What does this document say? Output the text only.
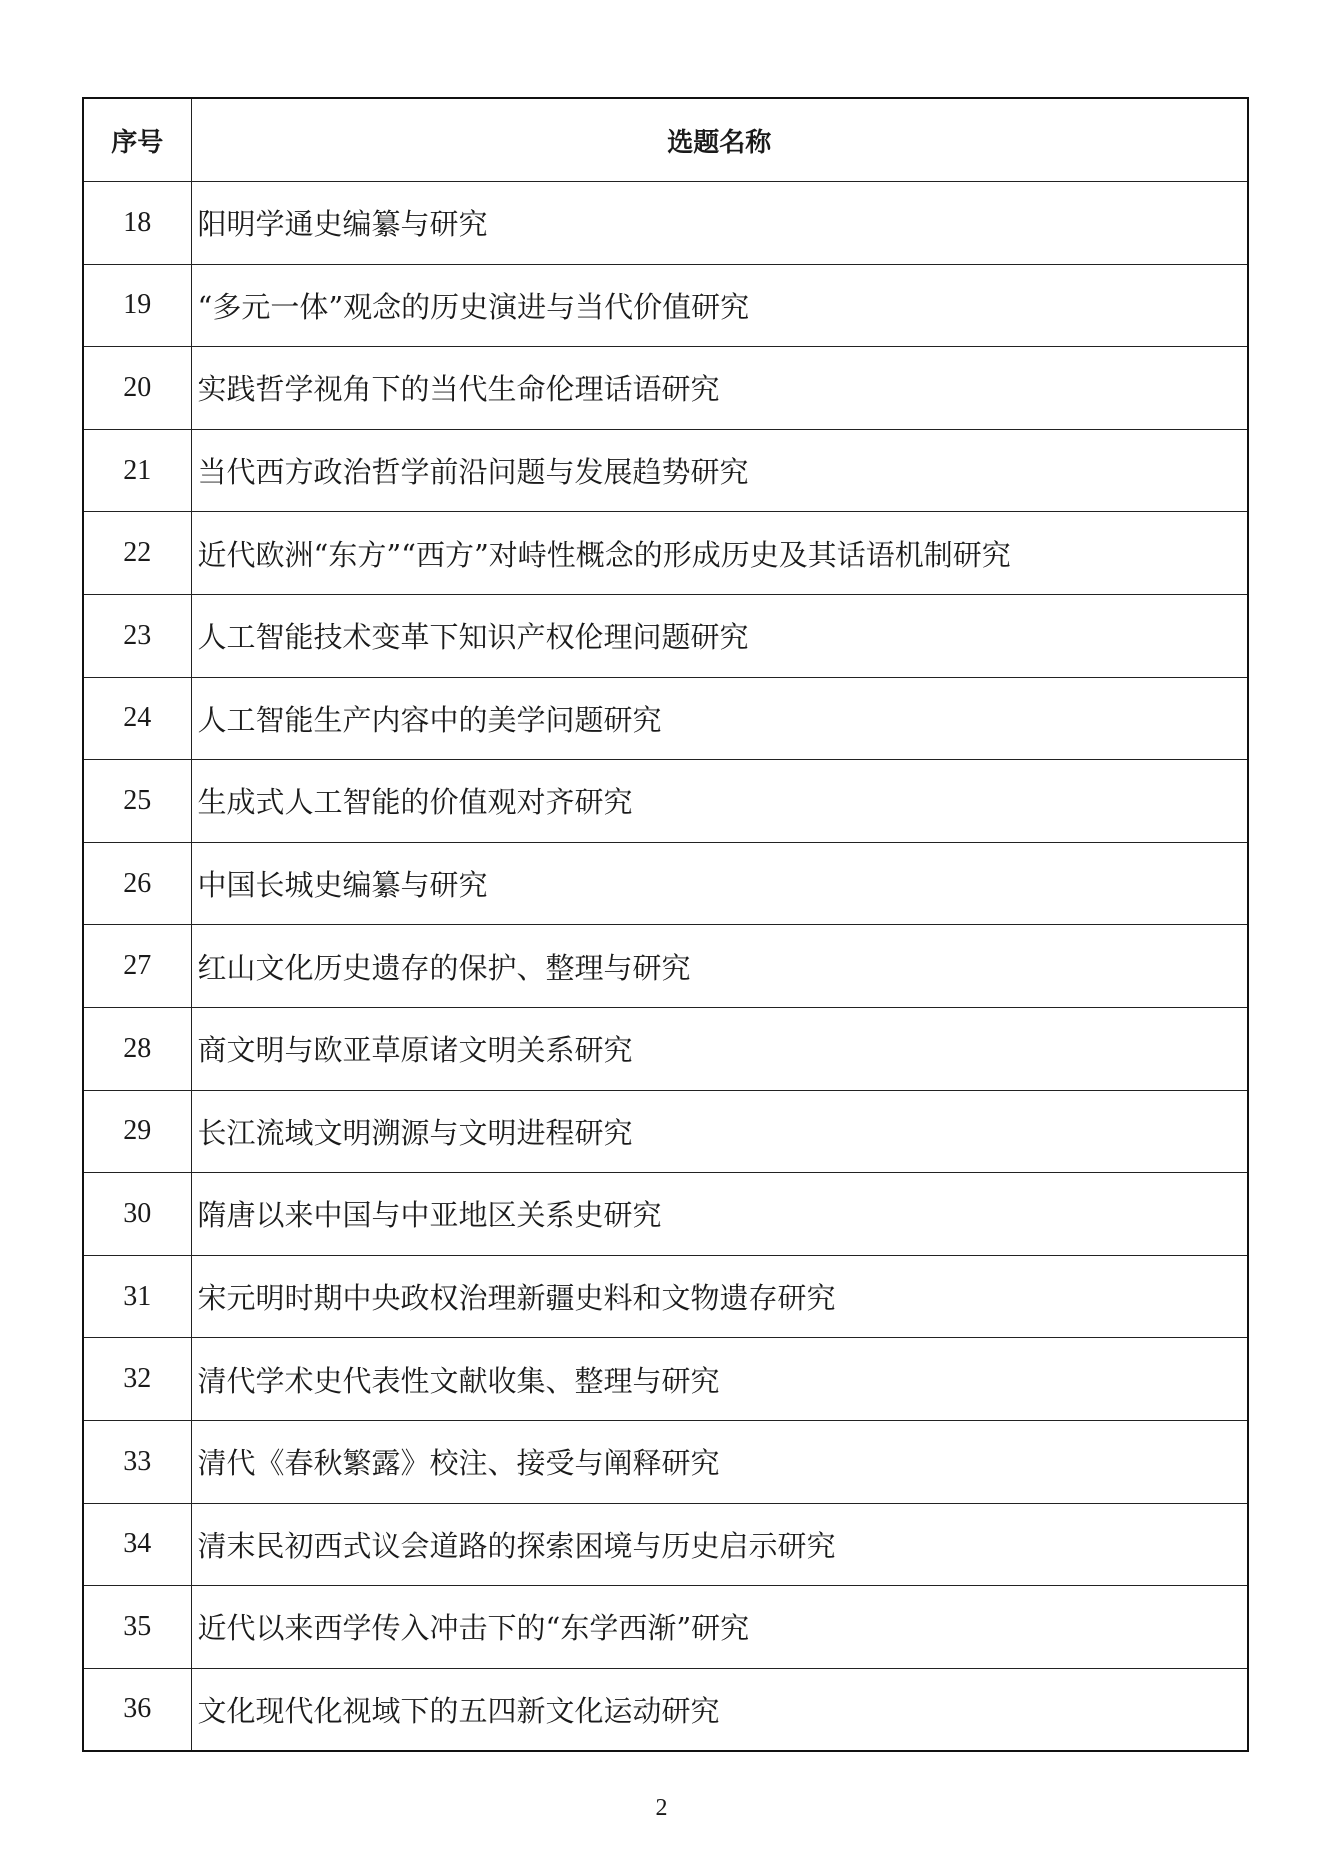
序号	选题名称
18	阳明学通史编纂与研究
19	“多元一体”观念的历史演进与当代价值研究
20	实践哲学视角下的当代生命伦理话语研究
21	当代西方政治哲学前沿问题与发展趋势研究
22	近代欧洲“东方”“西方”对峙性概念的形成历史及其话语机制研究
23	人工智能技术变革下知识产权伦理问题研究
24	人工智能生产内容中的美学问题研究
25	生成式人工智能的价值观对齐研究
26	中国长城史编纂与研究
27	红山文化历史遗存的保护、整理与研究
28	商文明与欧亚草原诸文明关系研究
29	长江流域文明溯源与文明进程研究
30	隋唐以来中国与中亚地区关系史研究
31	宋元明时期中央政权治理新疆史料和文物遗存研究
32	清代学术史代表性文献收集、整理与研究
33	清代《春秋繁露》校注、接受与阐释研究
34	清末民初西式议会道路的探索困境与历史启示研究
35	近代以来西学传入冲击下的“东学西渐”研究
36	文化现代化视域下的五四新文化运动研究
2
